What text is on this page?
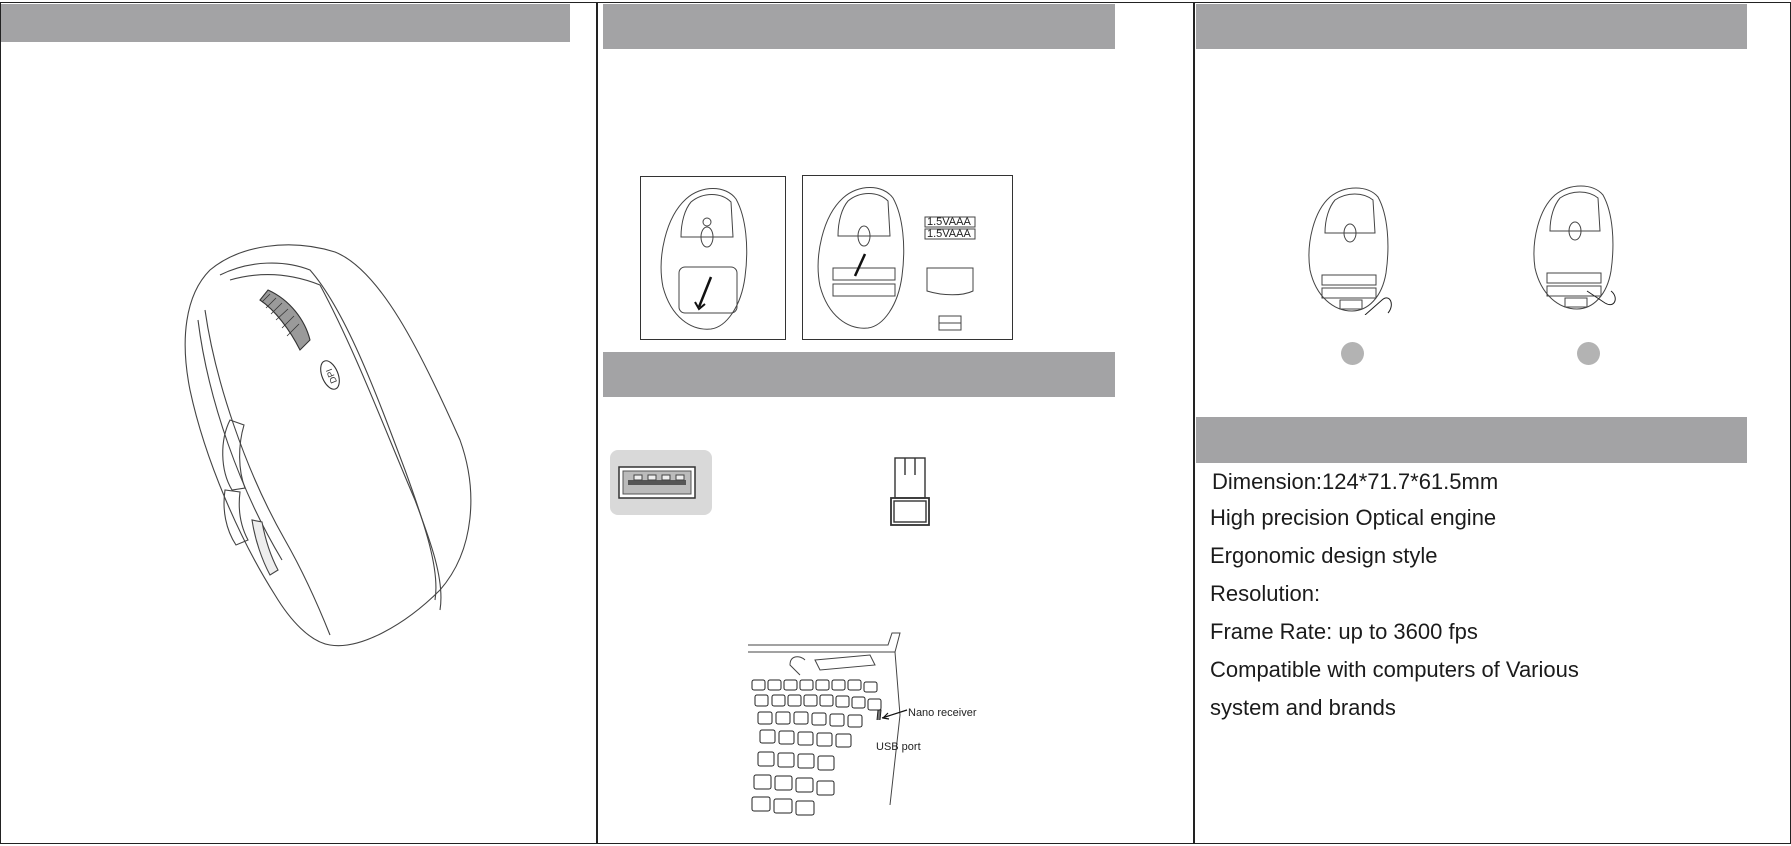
DPI
1.5VAAA
1.5VAAA
Nano receiver
USB port
Dimension:124*71.7*61.5mm
High precision Optical engine
Ergonomic design style
Resolution:
Frame Rate: up to 3600 fps
Compatible with computers of Various
system and brands
